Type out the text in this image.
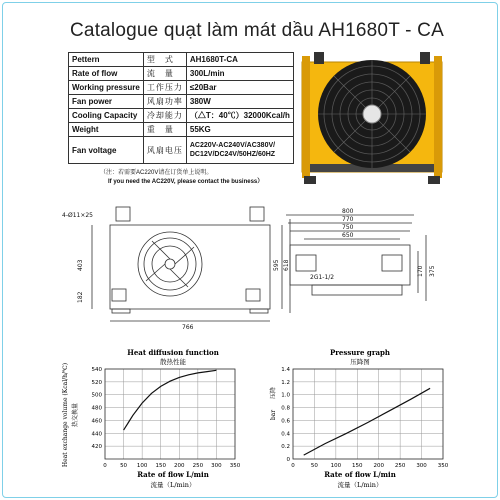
Catalogue quạt làm mát dầu AH1680T - CA
Pettern	型　式	AH1680T-CA
Rate of flow	流　量	300L/min
Working pressure	工作压力	≤20Bar
Fan power	风扇功率	380W
Cooling Capacity	冷却能力	（△T：40℃）32000Kcal/h
Weight	重　量	55KG
Fan voltage	风扇电压	AC220V-AC240V/AC380V/
DC12V/DC24V/50HZ/60HZ
（注：若需要AC220V请在订货单上说明。
If you need the AC220V, please contact the business）
4-Ø11×25
766
403
182
595 618
800
770
750
650
2G1-1/2
170 375
Heat diffusion function
散热性能
Rate of flow L/min
流量（L/min）
Heat exchange volume (Kcal/h/℃) 热交换量
0 50 100 150 200 250 300 350
420
440
460
480
500
520
540
Pressure graph
压降图
Rate of flow L/min
流量（L/min）
bar
压降
0	50 100 150 200 250 300 350
0
0.2
0.4
0.6
0.8
1.0
1.2
1.4
